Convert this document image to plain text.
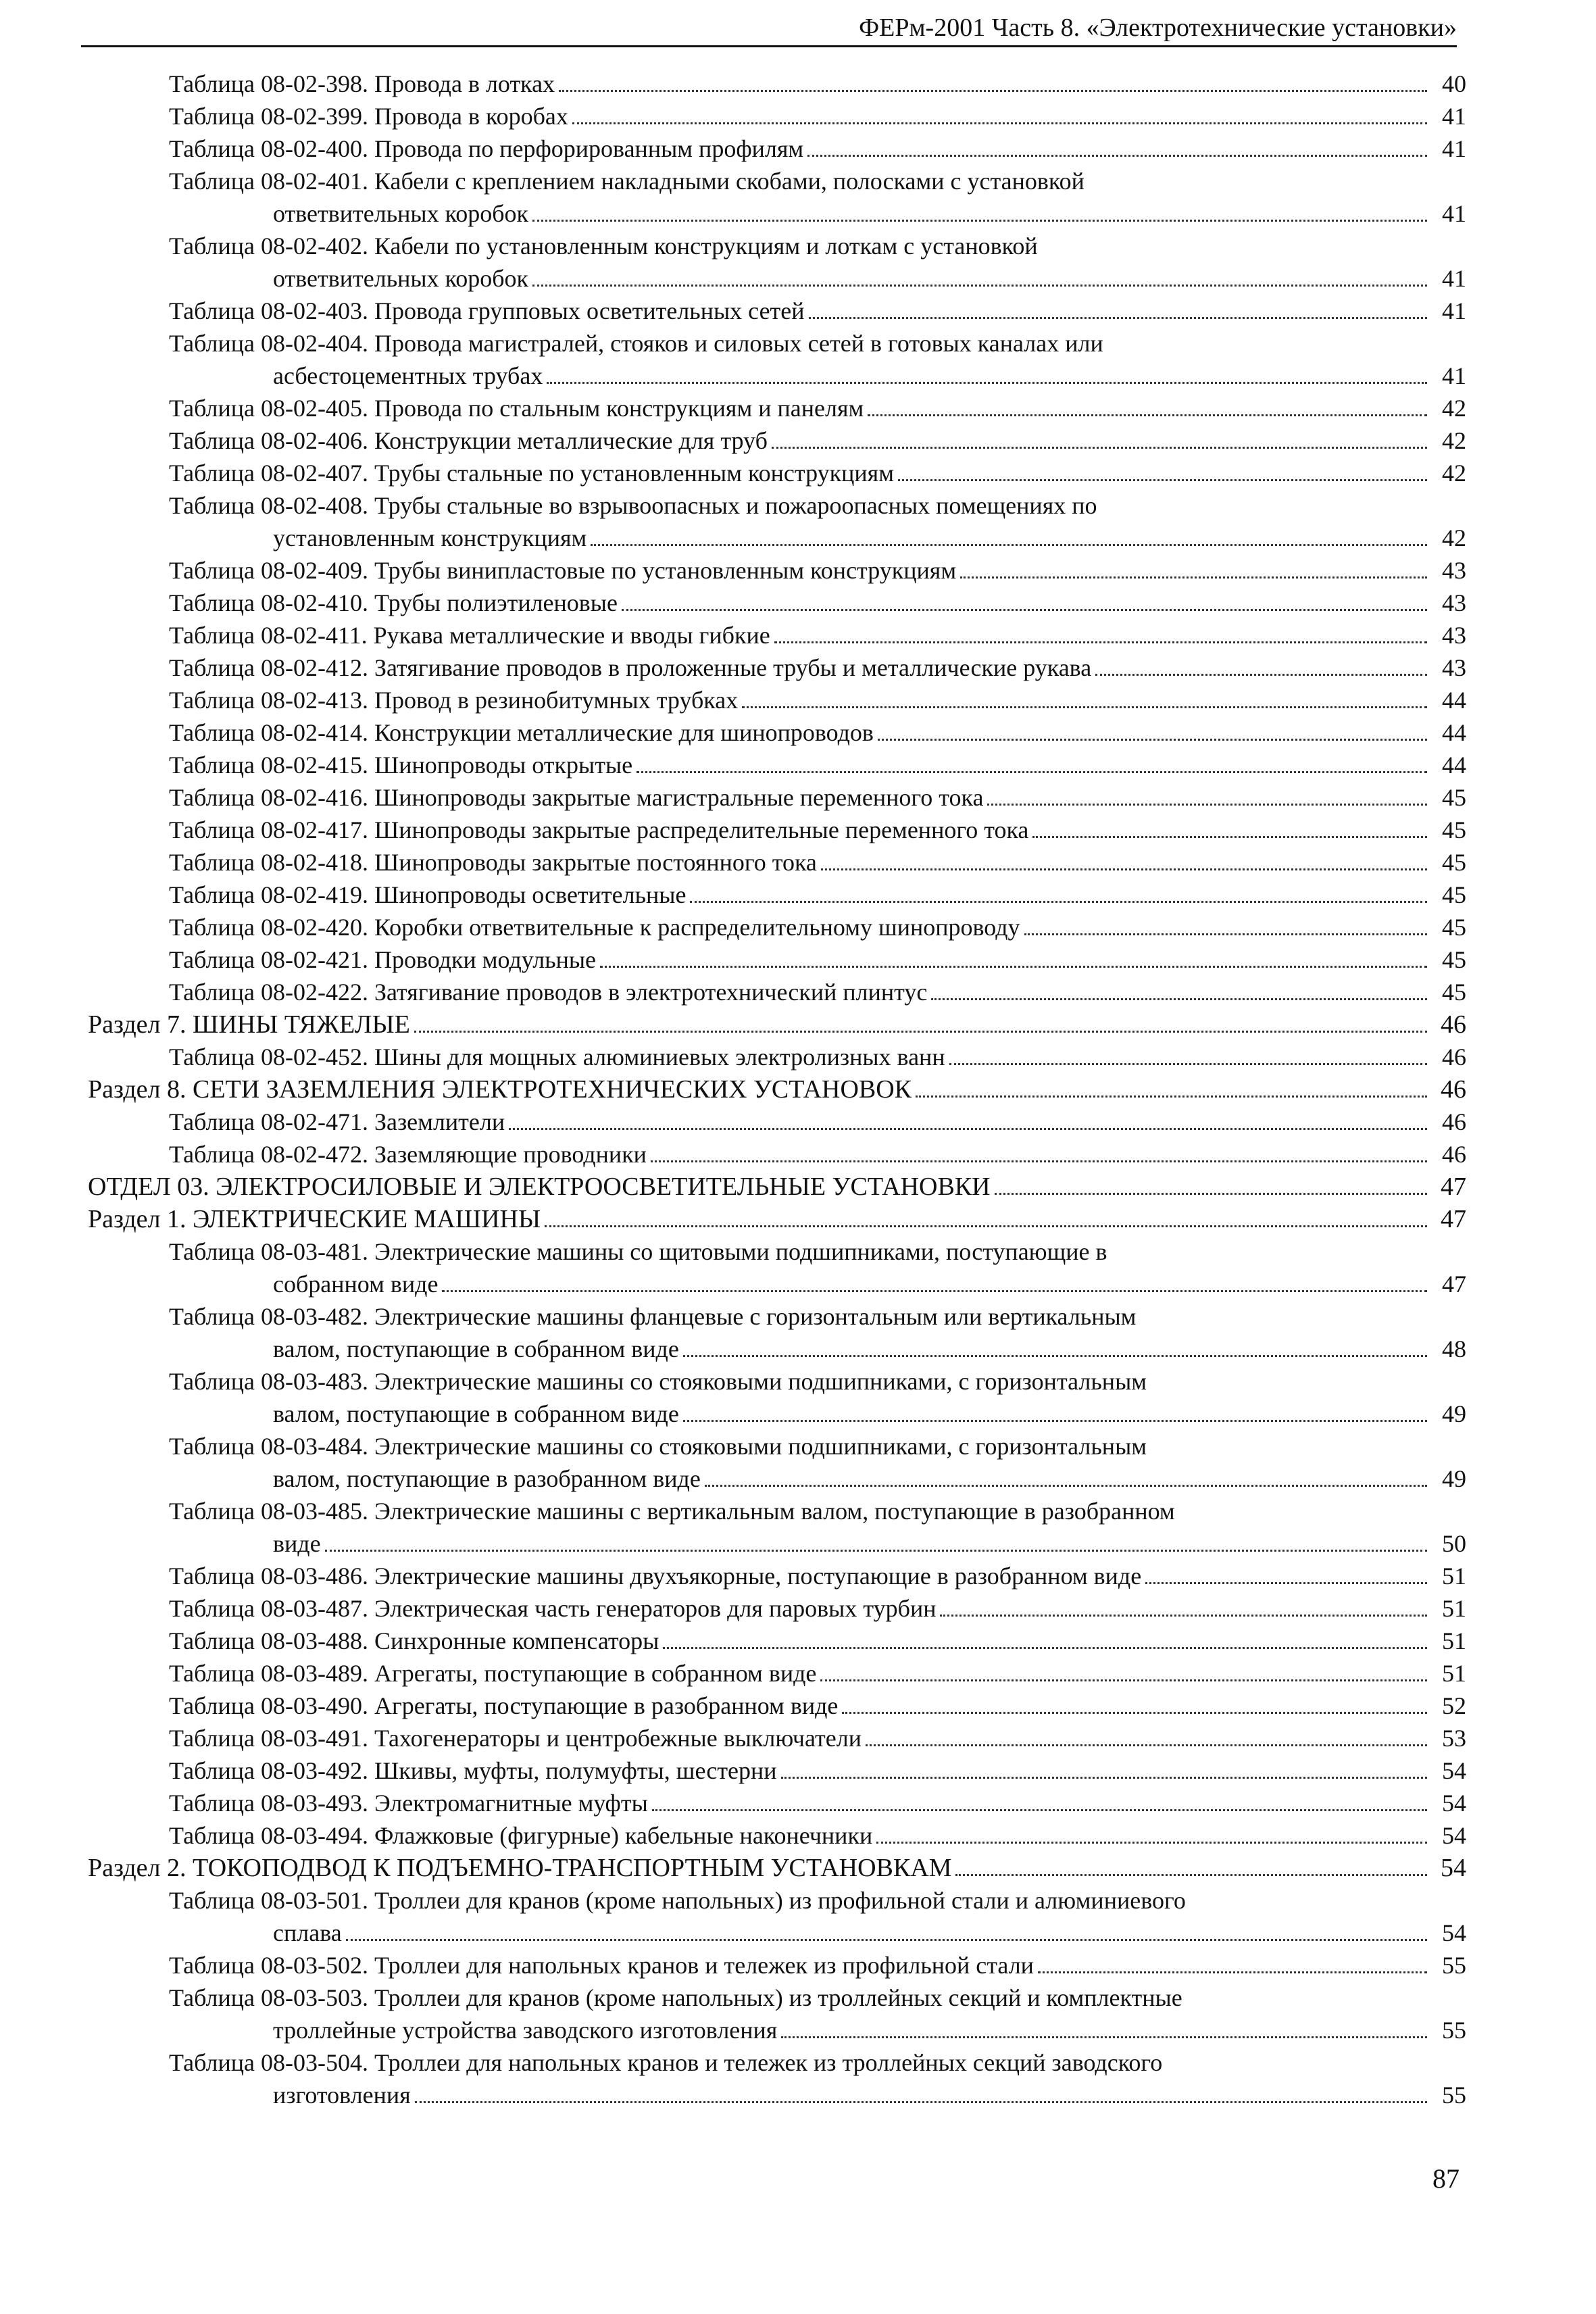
ФЕРм-2001 Часть 8. «Электротехнические установки»
Таблица 08-02-398. Провода в лотках	40
Таблица 08-02-399. Провода в коробах	41
Таблица 08-02-400. Провода по перфорированным профилям	41
Таблица 08-02-401. Кабели с креплением накладными скобами, полосками с установкой
ответвительных коробок	41
Таблица 08-02-402. Кабели по установленным конструкциям и лоткам с установкой
ответвительных коробок	41
Таблица 08-02-403. Провода групповых осветительных сетей	41
Таблица 08-02-404. Провода магистралей, стояков и силовых сетей в готовых каналах или
асбестоцементных трубах	41
Таблица 08-02-405. Провода по стальным конструкциям и панелям	42
Таблица 08-02-406. Конструкции металлические для труб	42
Таблица 08-02-407. Трубы стальные по установленным конструкциям	42
Таблица 08-02-408. Трубы стальные во взрывоопасных и пожароопасных помещениях по
установленным конструкциям	42
Таблица 08-02-409. Трубы винипластовые по установленным конструкциям	43
Таблица 08-02-410. Трубы полиэтиленовые	43
Таблица 08-02-411. Рукава металлические и вводы гибкие	43
Таблица 08-02-412. Затягивание проводов в проложенные трубы и металлические рукава	43
Таблица 08-02-413. Провод в резинобитумных трубках	44
Таблица 08-02-414. Конструкции металлические для шинопроводов	44
Таблица 08-02-415. Шинопроводы открытые	44
Таблица 08-02-416. Шинопроводы закрытые магистральные переменного тока	45
Таблица 08-02-417. Шинопроводы закрытые распределительные переменного тока	45
Таблица 08-02-418. Шинопроводы закрытые постоянного тока	45
Таблица 08-02-419. Шинопроводы осветительные	45
Таблица 08-02-420. Коробки ответвительные к распределительному шинопроводу	45
Таблица 08-02-421. Проводки модульные	45
Таблица 08-02-422. Затягивание проводов в электротехнический плинтус	45
Раздел 7. ШИНЫ ТЯЖЕЛЫЕ	46
Таблица 08-02-452. Шины для мощных алюминиевых электролизных ванн	46
Раздел 8. СЕТИ ЗАЗЕМЛЕНИЯ ЭЛЕКТРОТЕХНИЧЕСКИХ УСТАНОВОК	46
Таблица 08-02-471. Заземлители	46
Таблица 08-02-472. Заземляющие проводники	46
ОТДЕЛ 03. ЭЛЕКТРОСИЛОВЫЕ И ЭЛЕКТРООСВЕТИТЕЛЬНЫЕ УСТАНОВКИ	47
Раздел 1. ЭЛЕКТРИЧЕСКИЕ МАШИНЫ	47
Таблица 08-03-481. Электрические машины со щитовыми подшипниками, поступающие в
собранном виде	47
Таблица 08-03-482. Электрические машины фланцевые с горизонтальным или вертикальным
валом, поступающие в собранном виде	48
Таблица 08-03-483. Электрические машины со стояковыми подшипниками, с горизонтальным
валом, поступающие в собранном виде	49
Таблица 08-03-484. Электрические машины со стояковыми подшипниками, с горизонтальным
валом, поступающие в разобранном виде	49
Таблица 08-03-485. Электрические машины с вертикальным валом, поступающие в разобранном
виде	50
Таблица 08-03-486. Электрические машины двухъякорные, поступающие в разобранном виде	51
Таблица 08-03-487. Электрическая часть генераторов для паровых турбин	51
Таблица 08-03-488. Синхронные компенсаторы	51
Таблица 08-03-489. Агрегаты, поступающие в собранном виде	51
Таблица 08-03-490. Агрегаты, поступающие в разобранном виде	52
Таблица 08-03-491. Тахогенераторы и центробежные выключатели	53
Таблица 08-03-492. Шкивы, муфты, полумуфты, шестерни	54
Таблица 08-03-493. Электромагнитные муфты	54
Таблица 08-03-494. Флажковые (фигурные) кабельные наконечники	54
Раздел 2. ТОКОПОДВОД К ПОДЪЕМНО-ТРАНСПОРТНЫМ УСТАНОВКАМ	54
Таблица 08-03-501. Троллеи для кранов (кроме напольных) из профильной стали и алюминиевого
сплава	54
Таблица 08-03-502. Троллеи для напольных кранов и тележек из профильной стали	55
Таблица 08-03-503. Троллеи для кранов (кроме напольных) из троллейных секций и комплектные
троллейные устройства заводского изготовления	55
Таблица 08-03-504. Троллеи для напольных кранов и тележек из троллейных секций заводского
изготовления	55
87
